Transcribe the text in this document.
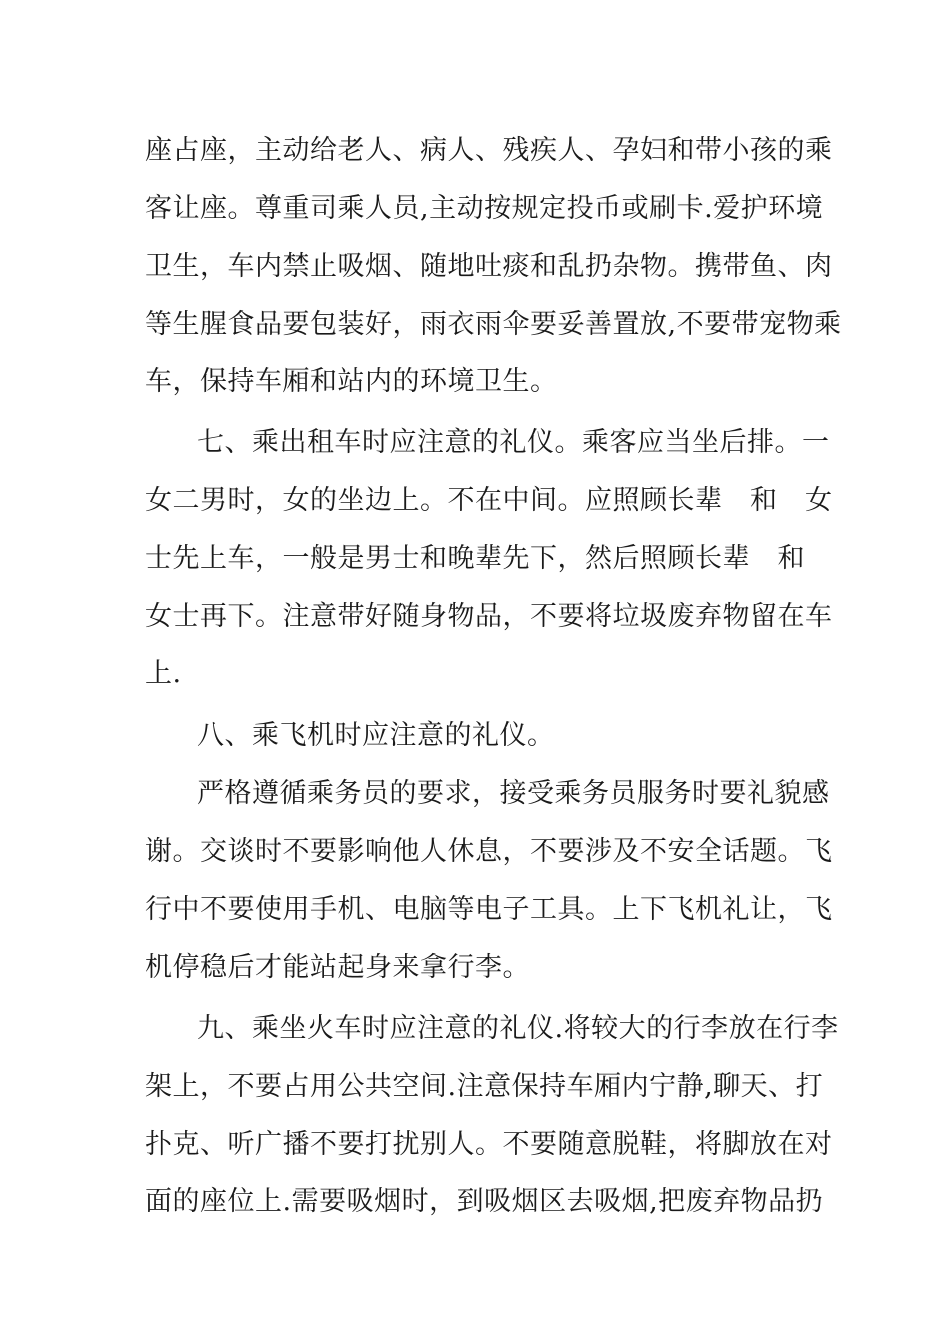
座占座，主动给老人、病人、残疾人、孕妇和带小孩的乘
客让座。尊重司乘人员,主动按规定投币或刷卡.爱护环境
卫生，车内禁止吸烟、随地吐痰和乱扔杂物。携带鱼、肉
等生腥食品要包装好，雨衣雨伞要妥善置放,不要带宠物乘
车，保持车厢和站内的环境卫生。
七、乘出租车时应注意的礼仪。乘客应当坐后排。一
女二男时，女的坐边上。不在中间。应照顾长辈　和　女
士先上车，一般是男士和晚辈先下，然后照顾长辈　和
女士再下。注意带好随身物品，不要将垃圾废弃物留在车
上.
八、乘飞机时应注意的礼仪。
严格遵循乘务员的要求，接受乘务员服务时要礼貌感
谢。交谈时不要影响他人休息，不要涉及不安全话题。飞
行中不要使用手机、电脑等电子工具。上下飞机礼让，飞
机停稳后才能站起身来拿行李。
九、乘坐火车时应注意的礼仪.将较大的行李放在行李
架上，不要占用公共空间.注意保持车厢内宁静,聊天、打
扑克、听广播不要打扰别人。不要随意脱鞋，将脚放在对
面的座位上.需要吸烟时，到吸烟区去吸烟,把废弃物品扔
